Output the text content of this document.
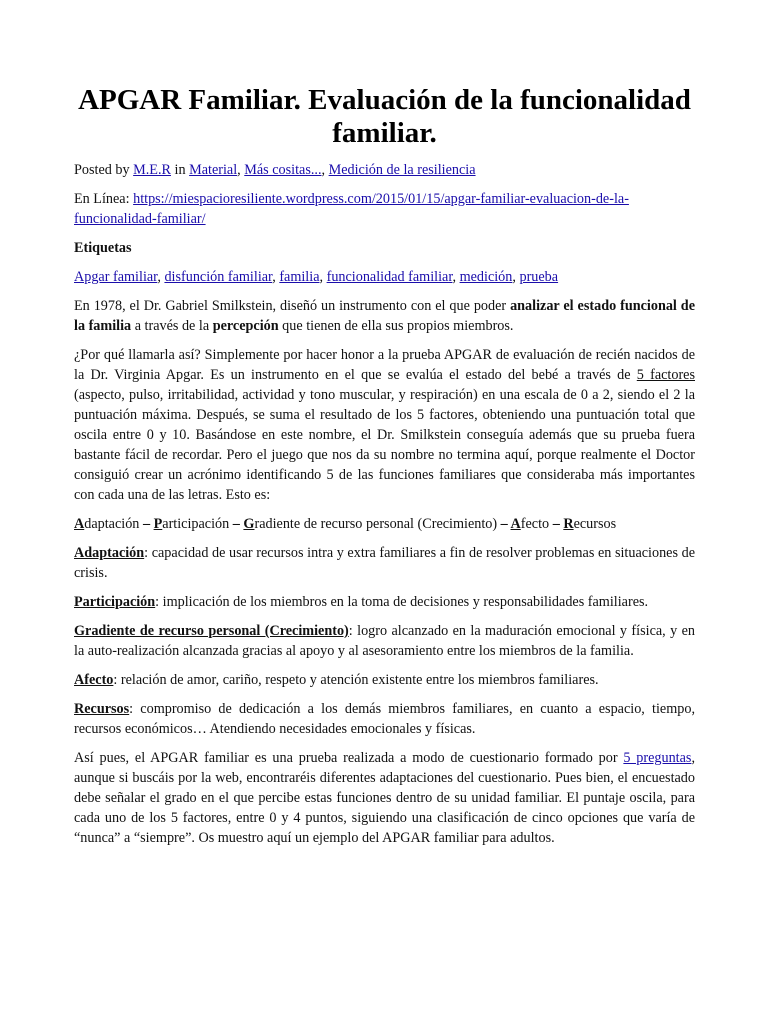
APGAR Familiar. Evaluación de la funcionalidad familiar.

Posted by M.E.R in Material, Más cositas..., Medición de la resiliencia

En Línea: https://miespacioresiliente.wordpress.com/2015/01/15/apgar-familiar-evaluacion-de-la-funcionalidad-familiar/

Etiquetas

Apgar familiar, disfunción familiar, familia, funcionalidad familiar, medición, prueba

En 1978, el Dr. Gabriel Smilkstein, diseñó un instrumento con el que poder analizar el estado funcional de la familia a través de la percepción que tienen de ella sus propios miembros.

¿Por qué llamarla así? Simplemente por hacer honor a la prueba APGAR de evaluación de recién nacidos de la Dr. Virginia Apgar. Es un instrumento en el que se evalúa el estado del bebé a través de 5 factores (aspecto, pulso, irritabilidad, actividad y tono muscular, y respiración) en una escala de 0 a 2, siendo el 2 la puntuación máxima. Después, se suma el resultado de los 5 factores, obteniendo una puntuación total que oscila entre 0 y 10. Basándose en este nombre, el Dr. Smilkstein conseguía además que su prueba fuera bastante fácil de recordar. Pero el juego que nos da su nombre no termina aquí, porque realmente el Doctor consiguió crear un acrónimo identificando 5 de las funciones familiares que consideraba más importantes con cada una de las letras. Esto es:

Adaptación – Participación – Gradiente de recurso personal (Crecimiento) – Afecto – Recursos

Adaptación: capacidad de usar recursos intra y extra familiares a fin de resolver problemas en situaciones de crisis.

Participación: implicación de los miembros en la toma de decisiones y responsabilidades familiares.

Gradiente de recurso personal (Crecimiento): logro alcanzado en la maduración emocional y física, y en la auto-realización alcanzada gracias al apoyo y al asesoramiento entre los miembros de la familia.

Afecto: relación de amor, cariño, respeto y atención existente entre los miembros familiares.

Recursos: compromiso de dedicación a los demás miembros familiares, en cuanto a espacio, tiempo, recursos económicos… Atendiendo necesidades emocionales y físicas.

Así pues, el APGAR familiar es una prueba realizada a modo de cuestionario formado por 5 preguntas, aunque si buscáis por la web, encontraréis diferentes adaptaciones del cuestionario. Pues bien, el encuestado debe señalar el grado en el que percibe estas funciones dentro de su unidad familiar. El puntaje oscila, para cada uno de los 5 factores, entre 0 y 4 puntos, siguiendo una clasificación de cinco opciones que varía de “nunca” a “siempre”. Os muestro aquí un ejemplo del APGAR familiar para adultos.
